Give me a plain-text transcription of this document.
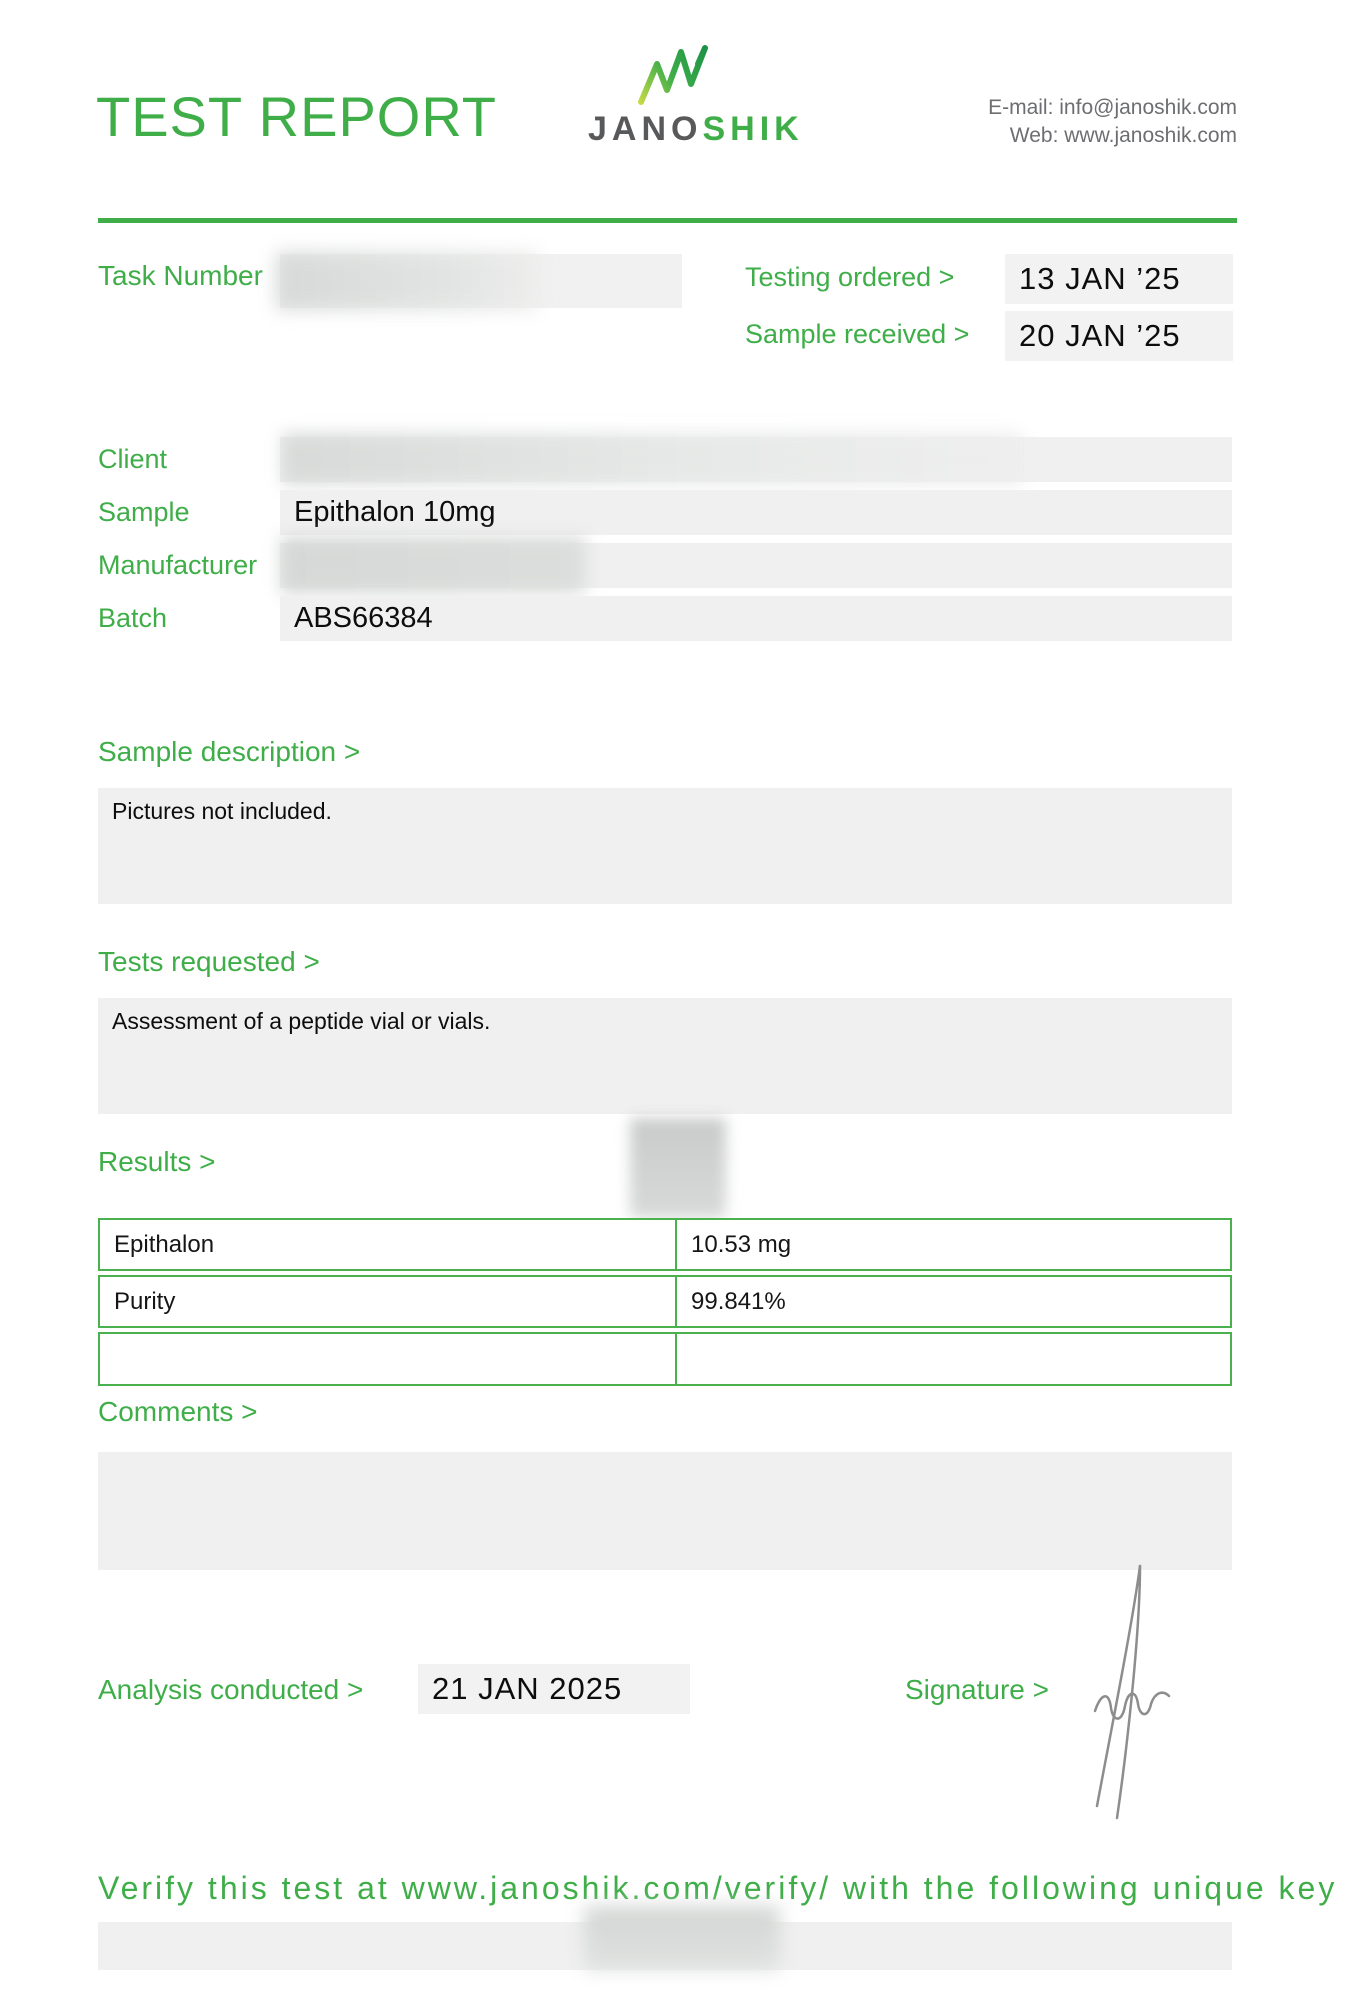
TEST REPORT	JANOSHIK
E-mail: info@janoshik.com
Web: www.janoshik.com
Task Number	Testing ordered >	13 JAN ’25
Sample received >	20 JAN ’25
Client
Sample	Epithalon 10mg
Manufacturer
Batch	ABS66384
Sample description >
Pictures not included.
Tests requested >
Assessment of a peptide vial or vials.
Results >
Epithalon	10.53 mg
Purity	99.841%
Comments >
Analysis conducted >	21 JAN 2025	Signature >
Verify this test at www.janoshik.com/verify/ with the following unique key
